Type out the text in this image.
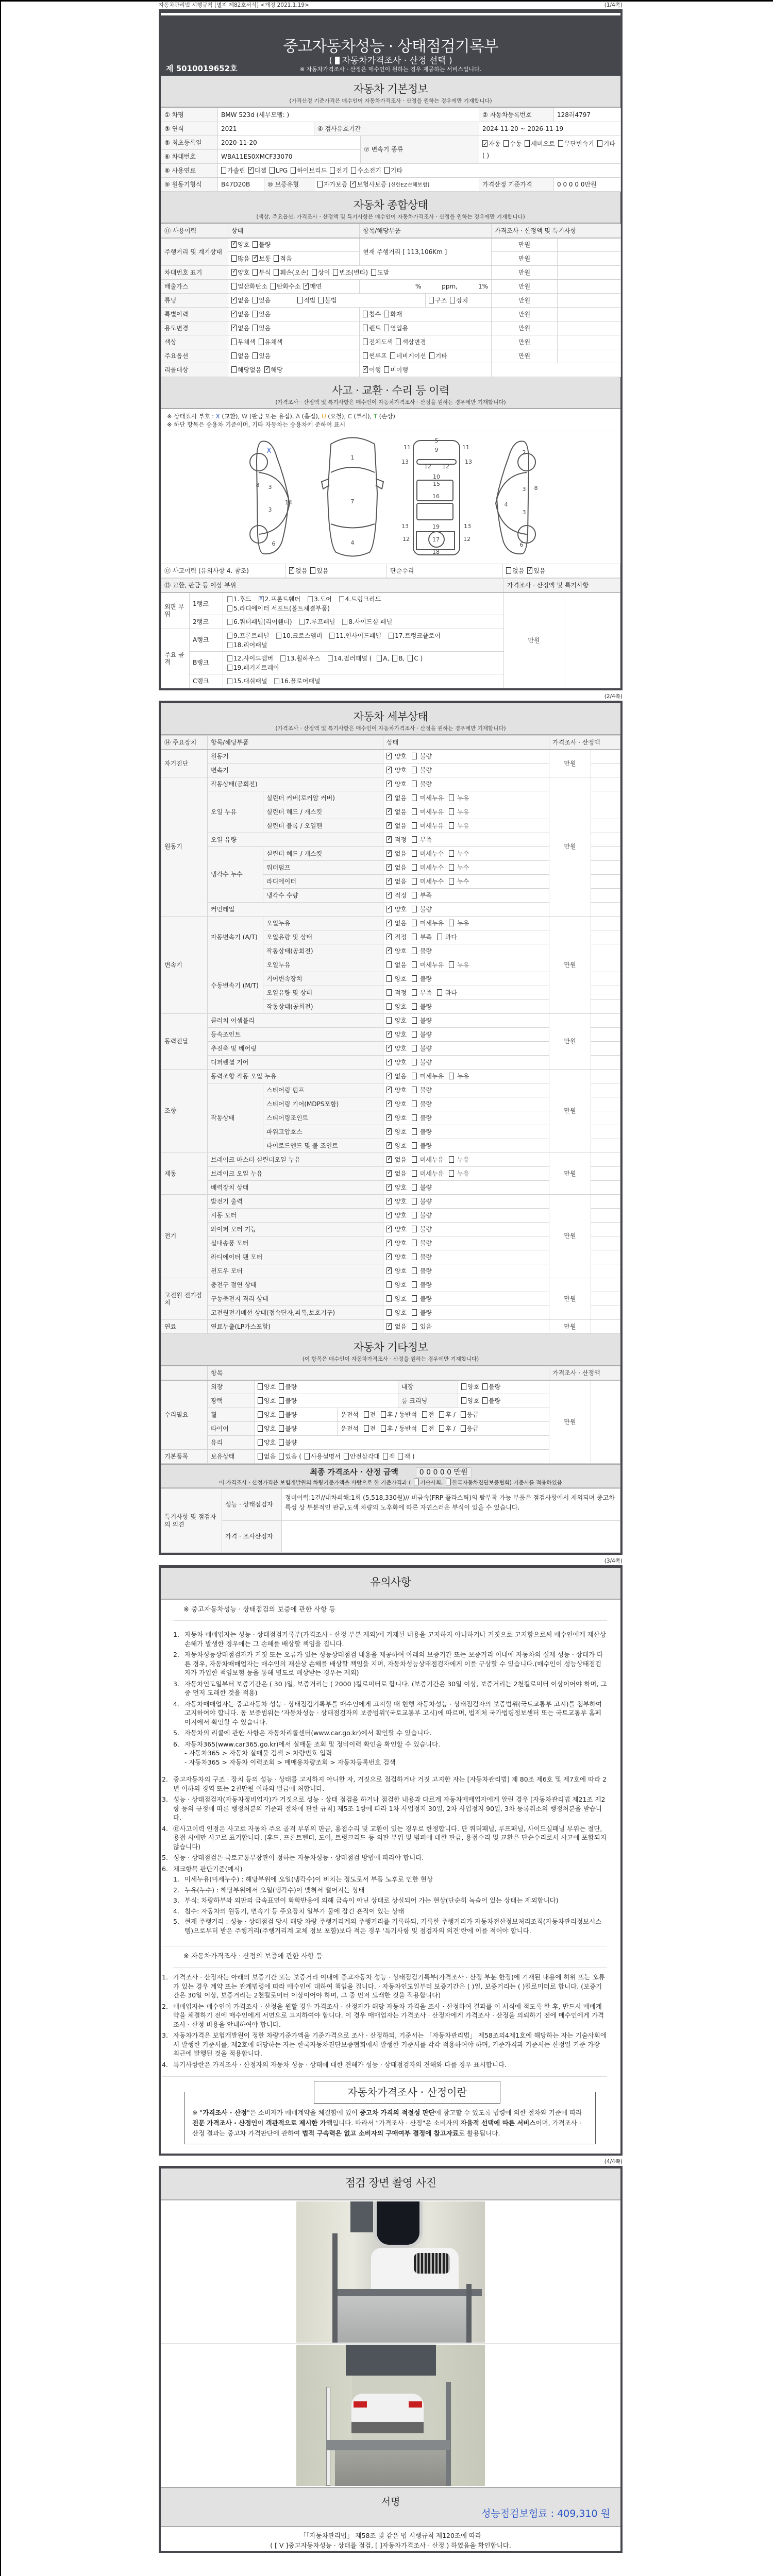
자동차관리법 시행규칙 [별지 제82호서식] <개정 2021.1.19>	(1/4쪽)
중고자동차성능 · 상태점검기록부
( 자동차가격조사 · 산정 선택 )
※ 자동차가격조사 · 산정은 매수인이 원하는 경우 제공하는 서비스입니다.
제 5010019652호
자동차 기본정보
(가격산정 기준가격은 매수인이 자동차가격조사 · 산정을 원하는 경우에만 기재합니다)
① 차명	BMW 523d (세부모델: )				② 자동차등록번호	128러4797
③ 연식	2021		④ 검사유효기간		2024-11-20 ~ 2026-11-19	
⑤ 최초등록일	2020-11-20			⑦ 변속기 종류	✓자동 수동 세미오토 무단변속기 기타( )
⑥ 차대번호	WBA11ES0XMCF33070					
⑧ 사용연료	가솔린 ✓ 디젤 LPG 하이브리드 전기 수소전기 기타
⑨ 원동기형식	B47D20B	⑩ 보증유형	자가보증 ✓ 보험사보증 [신한EZ손해보험]		가격산정 기준가격	0 0 0 0 0만원
자동차 종합상태
(색상, 주요옵션, 가격조사 · 산정액 및 특기사항은 매수인이 자동차가격조사 · 산정을 원하는 경우에만 기재합니다)
⑪ 사용이력	상태		항목/해당부품		가격조사 · 산정액 및 특기사항	
주행거리 및 계기상태	✓양호 불량		현재 주행거리 [ 113,106Km ]		만원	
	많음 ✓ 보통 적음				만원	
차대번호 표기	✓양호 부식 훼손(오손) 상이 변조(변타) 도말				만원	
배출가스	일산화탄소 탄화수소 ✓ 매연		% ppm, 1%		만원	
튜닝	✓없음 있음	적법 불법		구조 장치	만원	
특별이력	✓없음 있음		침수 화재		만원	
용도변경	✓없음 있음		렌트 영업용		만원	
색상	무채색 유채색		전체도색 색상변경		만원	
주요옵션	없음 있음		썬루프 네비게이션 기타		만원	
리콜대상	해당없음 ✓ 해당	✓이행 미이행	
사고 · 교환 · 수리 등 이력
(가격조사 · 산정액 및 특기사항은 매수인이 자동차가격조사 · 산정을 원하는 경우에만 기재합니다)
※ 상태표시 부호 : X (교환), W (판금 또는 용접), A (흠집), U (요철), C (부식), T (손상)
※ 하단 항목은 승용차 기준이며, 기타 자동차는 승용차에 준하여 표시
X
8 3
3
14
6
1
7
4
5
9
11	11
13	13
12 12
10
15
16
13	19	13
12	17	12
18
2
3 8
4
3
6
⑫ 사고이력 (유의사항 4. 참조)	✓없음 있음	단순수리	없음 ✓ 있음
⑬ 교환, 판금 등 이상 부위			가격조사 · 산정액 및 특기사항	
외판 부위	1랭크	1.후드 x 2.프론트휀더 3.도어 4.트렁크리드
5.라디에이터 서포트(볼트체결부품)	만원	
	2랭크	6.쿼터패널(리어휀더) 7.루프패널 8.사이드실 패널		
주요 골격	A랭크	9.프론트패널 10.크로스멤버 11.인사이드패널 17.트렁크플로어
18.리어패널		
	B랭크	12.사이드멤버 13.휠하우스 14.필러패널 ( A, B, C )
19.패키지트레이		
	C랭크	15.대쉬패널 16.플로어패널		
(2/4쪽)
자동차 세부상태
(가격조사 · 산정액 및 특기사항은 매수인이 자동차가격조사 · 산정을 원하는 경우에만 기재합니다)
⑭ 주요장치	항목/해당부품		상태	가격조사 · 산정액	
자기진단	원동기	✓ 양호 불량	만원	
	변속기	✓ 양호 불량	
원동기	작동상태(공회전)	✓ 양호 불량	만원	
	오일 누유	실린더 커버(로커암 커버)	✓ 없음 미세누유 누유	
		실린더 헤드 / 개스킷	✓ 없음 미세누유 누유	
		실린더 블록 / 오일팬	✓ 없음 미세누유 누유	
	오일 유량	✓ 적정 부족	
	냉각수 누수	실린더 헤드 / 개스킷	✓ 없음 미세누수 누수	
		워터펌프	✓ 없음 미세누수 누수	
		라디에이터	✓ 없음 미세누수 누수	
		냉각수 수량	✓ 적정 부족	
	커먼레일	✓ 양호 불량	
변속기	자동변속기 (A/T)	오일누유	✓ 없음 미세누유 누유	만원	
		오일유량 및 상태	✓ 적정 부족 과다	
		작동상태(공회전)	✓ 양호 불량	
	수동변속기 (M/T)	오일누유	없음 미세누유 누유		
		기어변속장치	양호 불량		
		오일유량 및 상태	적정 부족 과다		
		작동상태(공회전)	양호 불량		
동력전달	클러치 어셈블리		양호 불량	만원	
	등속조인트	✓ 양호 불량	
	추진축 및 베어링	✓ 양호 불량	
	디퍼렌셜 기어	✓ 양호 불량	
조향	동력조향 작동 오일 누유	✓ 없음 미세누유 누유	만원	
	작동상태	스티어링 펌프	✓ 양호 불량	
		스티어링 기어(MDPS포함)	✓ 양호 불량	
		스티어링조인트	✓ 양호 불량	
		파워고압호스	✓ 양호 불량	
		타이로드엔드 및 볼 조인트	✓ 양호 불량	
제동	브레이크 마스터 실린더오일 누유	✓ 없음 미세누유 누유	만원	
	브레이크 오일 누유	✓ 없음 미세누유 누유	
	배력장치 상태	✓ 양호 불량	
전기	발전기 출력	✓ 양호 불량	만원	
	시동 모터	✓ 양호 불량	
	와이퍼 모터 기능	✓ 양호 불량	
	실내송풍 모터	✓ 양호 불량	
	라디에이터 팬 모터	✓ 양호 불량	
	윈도우 모터	✓ 양호 불량	
고전원 전기장치	충전구 절연 상태		양호 불량	만원	
	구동축전지 격리 상태		양호 불량		
	고전원전기배선 상태(접속단자,피복,보호기구)		양호 불량		
연료	연료누출(LP가스포함)	✓ 없음 있음	만원	
자동차 기타정보
(이 항목은 매수인이 자동차가격조사 · 산정을 원하는 경우에만 기재합니다)
	항목					가격조사 · 산정액	
수리필요	외장	양호 불량		내장	양호 불량	만원	
	광택	양호 불량		룸 크리닝	양호 불량		
	휠	양호 불량	운전석 전 후 / 동반석 전 후 / 응급				
	타이어	양호 불량	운전석 전 후 / 동반석 전 후 / 응급				
	유리	양호 불량					
기본품목	보유상태	없음 있음 ( 사용설명서 안전삼각대 잭 잭 )					
최종 가격조사 · 산정 금액	0 0 0 0 0 만원
이 가격조사 · 산정가격은 보험개발원의 차량기준가액을 바탕으로 한 기준가격과 ( 기술사회, 한국자동차진단보증협회) 기준서를 적용하였음
특기사항 및 점검자의 의견	성능 · 상태점검자	정비이력:1건//내차피해:1회 (5,518,330원)// 비금속(FRP 플라스틱)의 탈부착 가능 부품은 점검사항에서 제외되며 중고차 특성 상 부분적인 판금,도색 차량의 노후화에 따른 자연스러운 부식이 있을 수 있습니다.
	가격 · 조사산정자	
(3/4쪽)
유의사항
※ 중고자동차성능 · 상태점검의 보증에 관한 사항 등
1. 자동차 매매업자는 성능 · 상태점검기록부(가격조사 · 산정 부분 제외)에 기재된 내용을 고지하지 아니하거나 거짓으로 고지함으로써 매수인에게 재산상 손해가 발생한 경우에는 그 손해를 배상할 책임을 집니다.
2. 자동차성능상태점검자가 거짓 또는 오류가 있는 성능상태점검 내용을 제공하여 아래의 보증기간 또는 보증거리 이내에 자동차의 실제 성능 · 상태가 다른 경우, 자동차매매업자는 매수인의 재산상 손해를 배상할 책임을 지며, 자동차성능상태점검자에게 이를 구상할 수 있습니다.(매수인이 성능상태점검자가 가입한 책임보험 등을 통해 별도로 배상받는 경우는 제외)
3. 자동차인도일부터 보증기간은 ( 30 )일, 보증거리는 ( 2000 )킬로미터로 합니다. (보증기간은 30일 이상, 보증거리는 2천킬로미터 이상이어야 하며, 그 중 먼저 도래한 것을 적용)
4. 자동차매매업자는 중고자동차 성능 · 상태점검기록부를 매수인에게 고지할 때 현행 자동차성능 · 상태점검자의 보증범위(국토교통부 고시)를 첨부하여 고지하여야 합니다. 동 보증범위는 '자동차성능 · 상태점검자의 보증범위'(국토교통부 고시)에 따르며, 법제처 국가법령정보센터 또는 국토교통부 홈페이지에서 확인할 수 있습니다.
5. 자동차의 리콜에 관한 사항은 자동차리콜센터(www.car.go.kr)에서 확인할 수 있습니다.
6. 자동차365(www.car365.go.kr)에서 실매물 조회 및 정비이력 확인을 확인할 수 있습니다.
- 자동차365 > 자동차 실매물 검색 > 차량번호 입력
- 자동차365 > 자동차 이력조회 > 매매용차량조회 > 자동차등록번호 검색
2. 중고자동차의 구조 · 장치 등의 성능 · 상태를 고지하지 아니한 자, 거짓으로 점검하거나 거짓 고지한 자는 [자동차관리법] 제 80조 제6호 및 제7호에 따라 2년 이하의 징역 또는 2천만원 이하의 벌금에 처합니다.
3. 성능 · 상태점검자(자동차정비업자)가 거짓으로 성능 · 상태 점검을 하거나 점검한 내용과 다르게 자동차매매업자에게 알린 경우 [자동차관리법 제21조 제2항 등의 규정에 따른 행정처분의 기준과 절차에 관한 규칙] 제5조 1항에 따라 1차 사업정지 30일, 2차 사업정지 90일, 3차 등록취소의 행정처분을 받습니다.
4. ⑫사고이력 인정은 사고로 자동차 주요 골격 부위의 판금, 용접수리 및 교환이 있는 경우로 한정합니다. 단 쿼터패널, 루프패널, 사이드실패널 부위는 절단, 용접 시에만 사고로 표기합니다. (후드, 프론트펜더, 도어, 트렁크리드 등 외판 부위 및 범퍼에 대한 판금, 용접수리 및 교환은 단순수리로서 사고에 포함되지 않습니다)
5. 성능 · 상태점검은 국토교통부장관이 정하는 자동차성능 · 상태점검 방법에 따라야 합니다.
6. 체크항목 판단기준(예시)
1. 미세누유(미세누수) : 해당부위에 오일(냉각수)이 비치는 정도로서 부품 노후로 인한 현상
2. 누유(누수) : 해당부위에서 오일(냉각수)이 맺혀서 떨어지는 상태
3. 부식: 차량하부와 외판의 금속표면이 화학반응에 의해 금속이 아닌 상태로 상실되어 가는 현상(단순히 녹슬어 있는 상태는 제외합니다)
4. 침수: 자동차의 원동기, 변속기 등 주요장치 일부가 물에 잠긴 흔적이 있는 상태
5. 현재 주행거리 : 성능 · 상태점검 당시 해당 차량 주행거리계의 주행거리를 기록하되, 기록한 주행거리가 자동차전산정보처리조직(자동차관리정보시스템)으로부터 받은 주행거리(주행거리계 교체 정보 포함)보다 적은 경우 '특기사항 및 점검자의 의견'란에 이를 적어야 합니다.
※ 자동차가격조사 · 산정의 보증에 관한 사항 등
1. 가격조사 · 산정자는 아래의 보증기간 또는 보증거리 이내에 중고자동차 성능 · 상태점검기록부(가격조사 · 산정 부분 한정)에 기재된 내용에 허위 또는 오류가 있는 경우 계약 또는 관계법령에 따라 매수인에 대하여 책임을 집니다. · 자동차인도일부터 보증기간은 ( )일, 보증거리는 ( )킬로미터로 합니다. (보증기간은 30일 이상, 보증거리는 2천킬로미터 이상이어야 하며, 그 중 먼저 도래한 것을 적용합니다)
2. 매매업자는 매수인이 가격조사 · 산정을 원할 경우 가격조사 · 산정자가 해당 자동차 가격을 조사 · 산정하여 결과를 이 서식에 적도록 한 후, 반드시 매매계약을 체결하기 전에 매수인에게 서면으로 고지하여야 합니다. 이 경우 매매업자는 가격조사 · 산정자에게 가격조사 · 산정을 의뢰하기 전에 매수인에게 가격조사 · 산정 비용을 안내하여야 합니다.
3. 자동차가격은 보험개발원이 정한 차량기준가액을 기준가격으로 조사 · 산정하되, 기준서는 「자동차관리법」 제58조의4제1호에 해당하는 자는 기술사회에서 발행한 기준서를, 제2호에 해당하는 자는 한국자동차진단보증협회에서 발행한 기준서를 각각 적용하여야 하며, 기준가격과 기준서는 산정일 기준 가장 최근에 발행된 것을 적용합니다.
4. 특기사항란은 가격조사 · 산정자의 자동차 성능 · 상태에 대한 견해가 성능 · 상태점검자의 견해와 다를 경우 표시합니다.
자동차가격조사 · 산정이란

※ "가격조사 · 산정"은 소비자가 매매계약을 체결함에 있어 중고차 가격의 적절성 판단에 참고할 수 있도록 법령에 의한 절차와 기준에 따라 전문 가격조사 · 산정인이 객관적으로 제시한 가액입니다. 따라서 "가격조사 · 산정"은 소비자의 자율적 선택에 따른 서비스이며, 가격조사 · 산정 결과는 중고차 가격판단에 관하여 법적 구속력은 없고 소비자의 구매여부 결정에 참고자료로 활용됩니다.

(4/4쪽)
점검 장면 촬영 사진
서명
성능점검보험료 : 409,310 원
「「자동차관리법」 제58조 및 같은 법 시행규칙 제120조에 따라
( [ V ]중고자동차성능 · 상태를 점검, [ ]자동차가격조사 · 산정 ) 하였음을 확인합니다.
